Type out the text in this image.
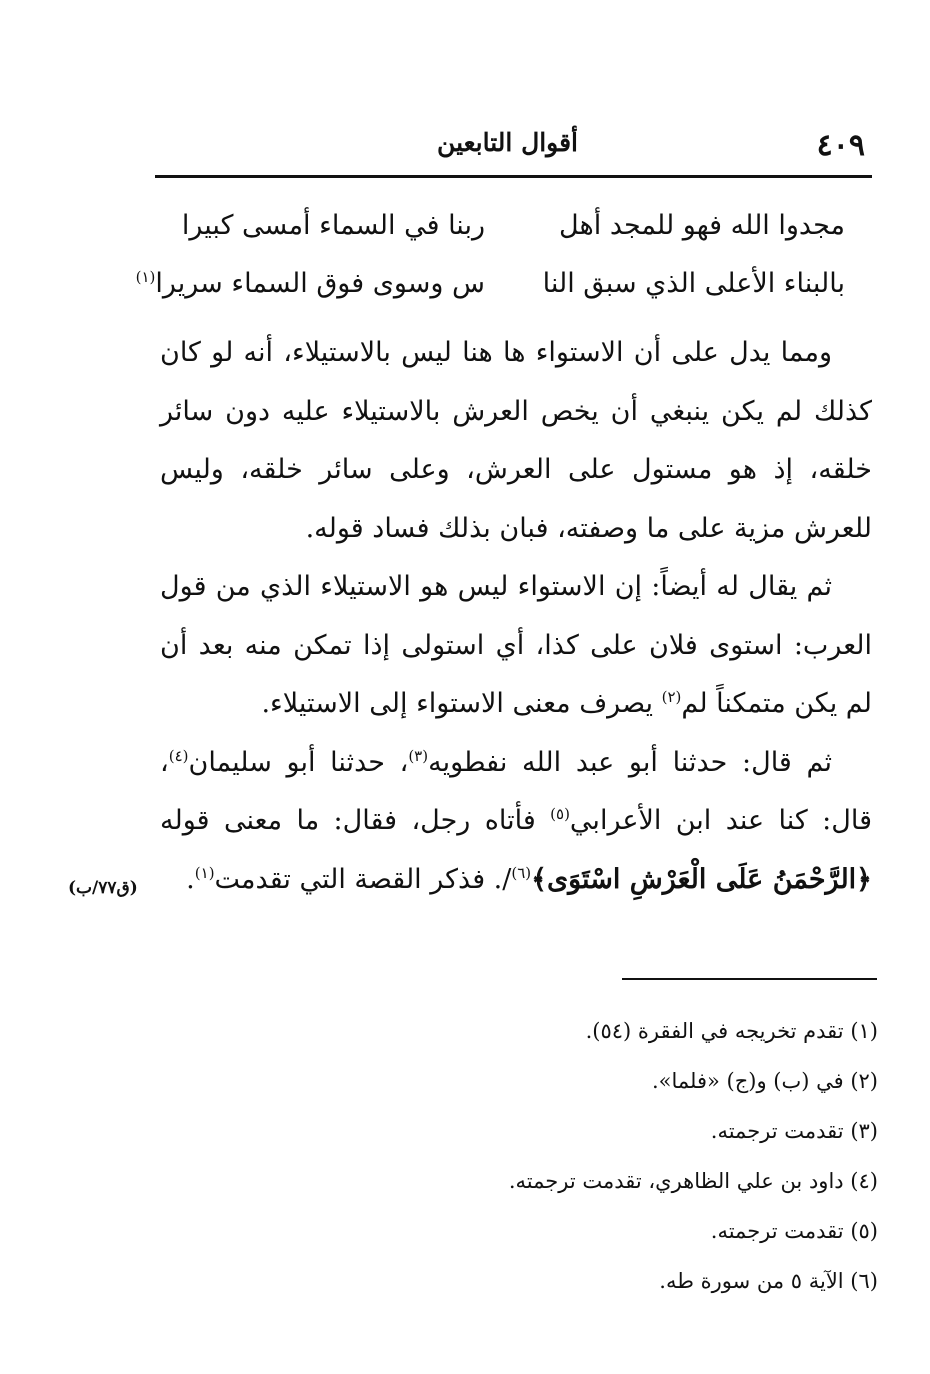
٤٠٩
أقوال التابعين
مجدوا الله فهو للمجد أهل
ربنا في السماء أمسى كبيرا
بالبناء الأعلى الذي سبق النا
س وسوى فوق السماء سريرا$^{(١)}$

ومما يدل على أن الاستواء ها هنا ليس بالاستيلاء، أنه لو كان كذلك لم يكن ينبغي أن يخص العرش بالاستيلاء عليه دون سائر خلقه، إذ هو مستول على العرش، وعلى سائر خلقه، وليس للعرش مزية على ما وصفته، فبان بذلك فساد قوله.

ثم يقال له أيضاً: إن الاستواء ليس هو الاستيلاء الذي من قول العرب: استوى فلان على كذا، أي استولى إذا تمكن منه بعد أن لم يكن متمكناً لم$^{(٢)}$ يصرف معنى الاستواء إلى الاستيلاء.

ثم قال: حدثنا أبو عبد الله نفطويه$^{(٣)}$، حدثنا أبو سليمان$^{(٤)}$، قال: كنا عند ابن الأعرابي$^{(٥)}$ فأتاه رجل، فقال: ما معنى قوله ﴿الرَّحْمَنُ عَلَى الْعَرْشِ اسْتَوَى﴾$^{(٦)}$/. فذكر القصة التي تقدمت$^{(١)}$.

(ق٧٧/ب)
(١) تقدم تخريجه في الفقرة (٥٤).
(٢) في (ب) و(ج) «فلما».
(٣) تقدمت ترجمته.
(٤) داود بن علي الظاهري، تقدمت ترجمته.
(٥) تقدمت ترجمته.
(٦) الآية ٥ من سورة طه.
